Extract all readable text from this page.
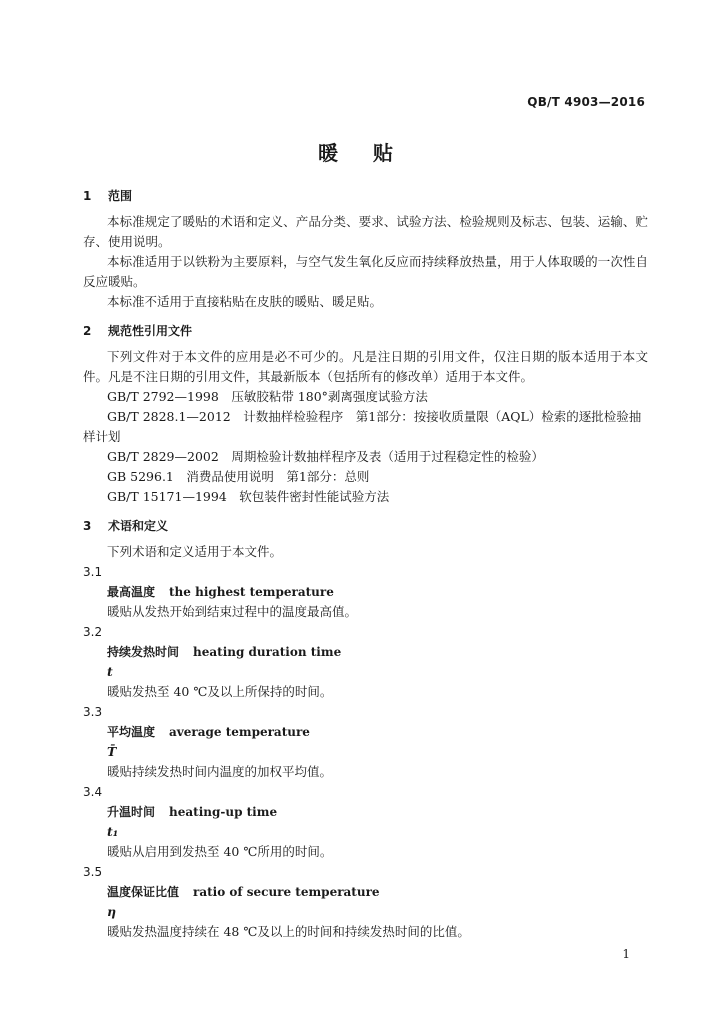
QB/T 4903—2016
暖 贴

1 范围

本标准规定了暖贴的术语和定义、产品分类、要求、试验方法、检验规则及标志、包装、运输、贮存、使用说明。

本标准适用于以铁粉为主要原料，与空气发生氧化反应而持续释放热量，用于人体取暖的一次性自反应暖贴。

本标准不适用于直接粘贴在皮肤的暖贴、暖足贴。

2 规范性引用文件

下列文件对于本文件的应用是必不可少的。凡是注日期的引用文件，仅注日期的版本适用于本文件。凡是不注日期的引用文件，其最新版本（包括所有的修改单）适用于本文件。

GB/T 2792—1998　压敏胶粘带 180°剥离强度试验方法

GB/T 2828.1—2012　计数抽样检验程序　第1部分：按接收质量限（AQL）检索的逐批检验抽样计划

GB/T 2829—2002　周期检验计数抽样程序及表（适用于过程稳定性的检验）

GB 5296.1　消费品使用说明　第1部分：总则

GB/T 15171—1994　软包装件密封性能试验方法

3 术语和定义

下列术语和定义适用于本文件。

3.1

最高温度 the highest temperature

暖贴从发热开始到结束过程中的温度最高值。

3.2

持续发热时间 heating duration time

t

暖贴发热至 40 ℃及以上所保持的时间。

3.3

平均温度 average temperature

T̄

暖贴持续发热时间内温度的加权平均值。

3.4

升温时间 heating-up time

t₁

暖贴从启用到发热至 40 ℃所用的时间。

3.5

温度保证比值 ratio of secure temperature

η

暖贴发热温度持续在 48 ℃及以上的时间和持续发热时间的比值。

1
